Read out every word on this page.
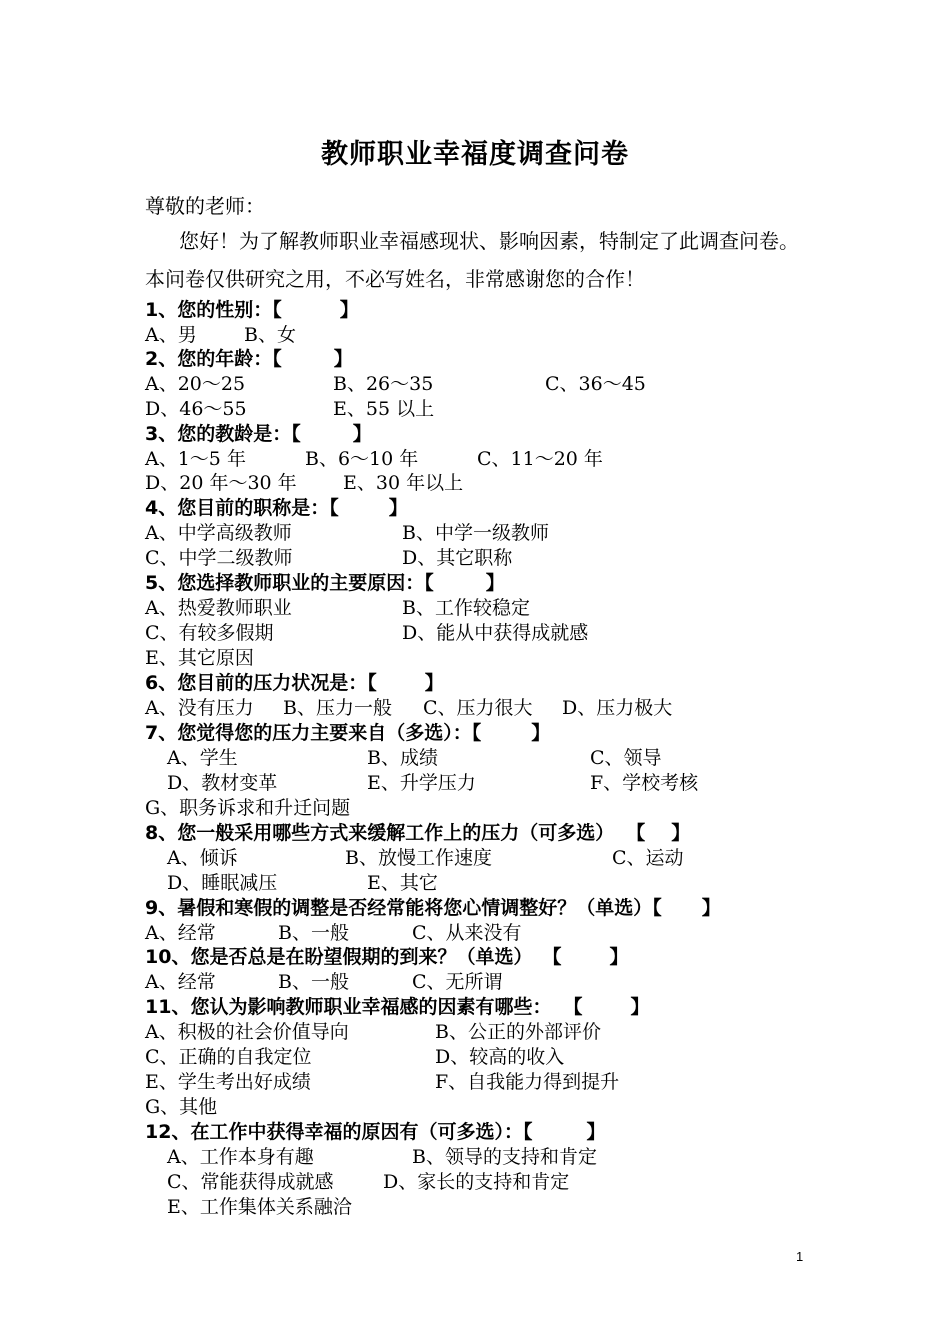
教师职业幸福度调查问卷
尊敬的老师：
您好！为了解教师职业幸福感现状、影响因素，特制定了此调查问卷。本问卷仅供研究之用，不必写姓名，非常感谢您的合作！
1、您的性别：【	】
A、男 B、女
2、您的年龄：【	】
A、20～25	B、26～35	C、36～45
D、46～55	E、55 以上
3、您的教龄是：【	】
A、1～5 年	B、6～10 年	C、11～20 年
D、20 年～30 年 E、30 年以上
4、您目前的职称是：【	】
A、中学高级教师	B、中学一级教师
C、中学二级教师	D、其它职称
5、您选择教师职业的主要原因：【	】
A、热爱教师职业	B、工作较稳定
C、有较多假期	D、能从中获得成就感
E、其它原因
6、您目前的压力状况是：【	】
A、没有压力 B、压力一般 C、压力很大 D、压力极大
7、您觉得您的压力主要来自（多选）：【	】
A、学生	B、成绩	C、领导
D、教材变革	E、升学压力	F、学校考核
G、职务诉求和升迁问题
8、您一般采用哪些方式来缓解工作上的压力（可多选） 【 】
A、倾诉	B、放慢工作速度	C、运动
D、睡眠减压	E、其它
9、暑假和寒假的调整是否经常能将您心情调整好？（单选）【 】
A、经常	B、一般	C、从来没有
10、您是否总是在盼望假期的到来？（单选） 【	】
A、经常	B、一般	C、无所谓
11、您认为影响教师职业幸福感的因素有哪些： 【	】
A、积极的社会价值导向	B、公正的外部评价
C、正确的自我定位	D、较高的收入
E、学生考出好成绩	F、自我能力得到提升
G、其他
12、在工作中获得幸福的原因有（可多选）：【	】
A、工作本身有趣	B、领导的支持和肯定
C、常能获得成就感	D、家长的支持和肯定
E、工作集体关系融洽
1
